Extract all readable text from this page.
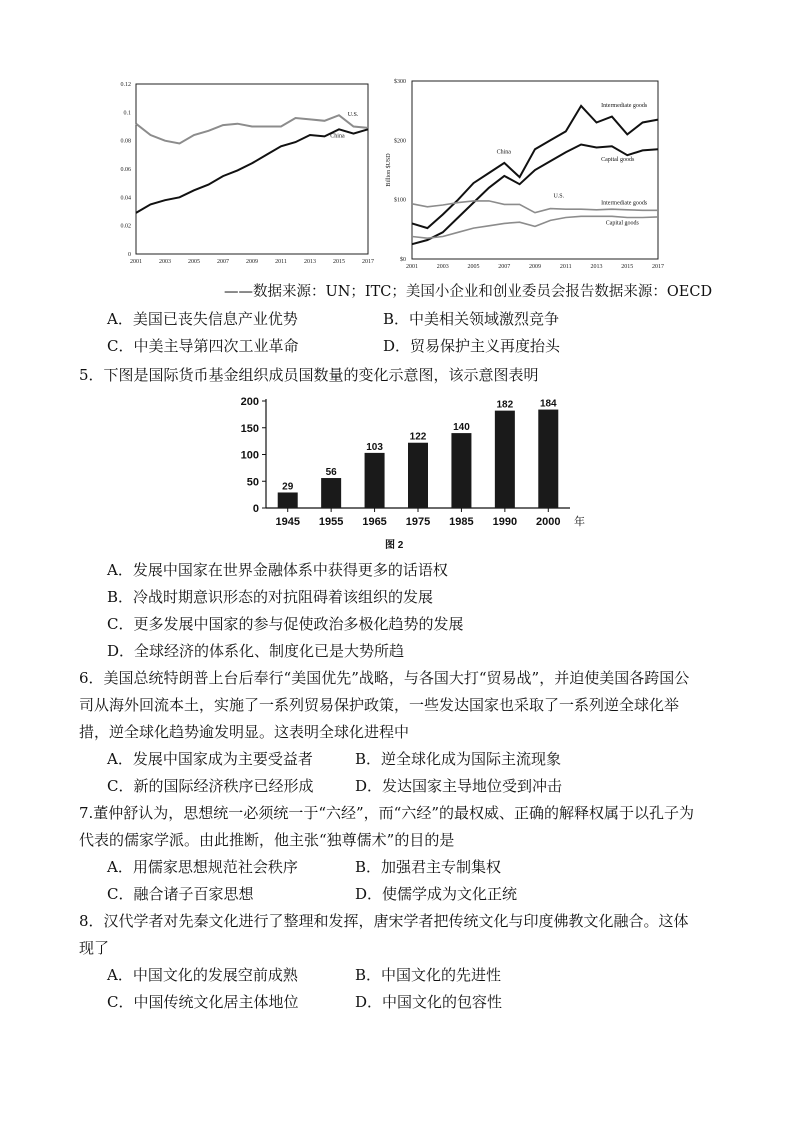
0.12
0.1
0.08
0.06
0.04
0.02
0
2001	2003	2005	2007	2009	2011	2013	2015	2017
U.S.
China
$300
$200
$100
$0
2001	2003	2005	2007	2009	2011	2013	2015	2017
Billion $USD
China
U.S.
Intermediate goods
Capital goods
Intermediate goods
Capital goods
——数据来源：UN；ITC；美国小企业和创业委员会报告数据来源：OECD
A．美国已丧失信息产业优势	B．中美相关领域激烈竞争
C．中美主导第四次工业革命	D．贸易保护主义再度抬头
5．下图是国际货币基金组织成员国数量的变化示意图，该示意图表明
200
150
100
50
0
29
1945
56
1955
103
1965
122
1975
140
1985
182
1990
184
2000 年
图 2
A．发展中国家在世界金融体系中获得更多的话语权
B．冷战时期意识形态的对抗阻碍着该组织的发展
C．更多发展中国家的参与促使政治多极化趋势的发展
D．全球经济的体系化、制度化已是大势所趋
6．美国总统特朗普上台后奉行“美国优先”战略，与各国大打“贸易战”，并迫使美国各跨国公
司从海外回流本土，实施了一系列贸易保护政策，一些发达国家也采取了一系列逆全球化举
措，逆全球化趋势逾发明显。这表明全球化进程中
A．发展中国家成为主要受益者	B．逆全球化成为国际主流现象
C．新的国际经济秩序已经形成	D．发达国家主导地位受到冲击
7.董仲舒认为，思想统一必须统一于“六经”，而“六经”的最权威、正确的解释权属于以孔子为
代表的儒家学派。由此推断，他主张“独尊儒术”的目的是
A．用儒家思想规范社会秩序	B．加强君主专制集权
C．融合诸子百家思想	D．使儒学成为文化正统
8．汉代学者对先秦文化进行了整理和发挥，唐宋学者把传统文化与印度佛教文化融合。这体
现了
A．中国文化的发展空前成熟	B．中国文化的先进性
C．中国传统文化居主体地位	D．中国文化的包容性
